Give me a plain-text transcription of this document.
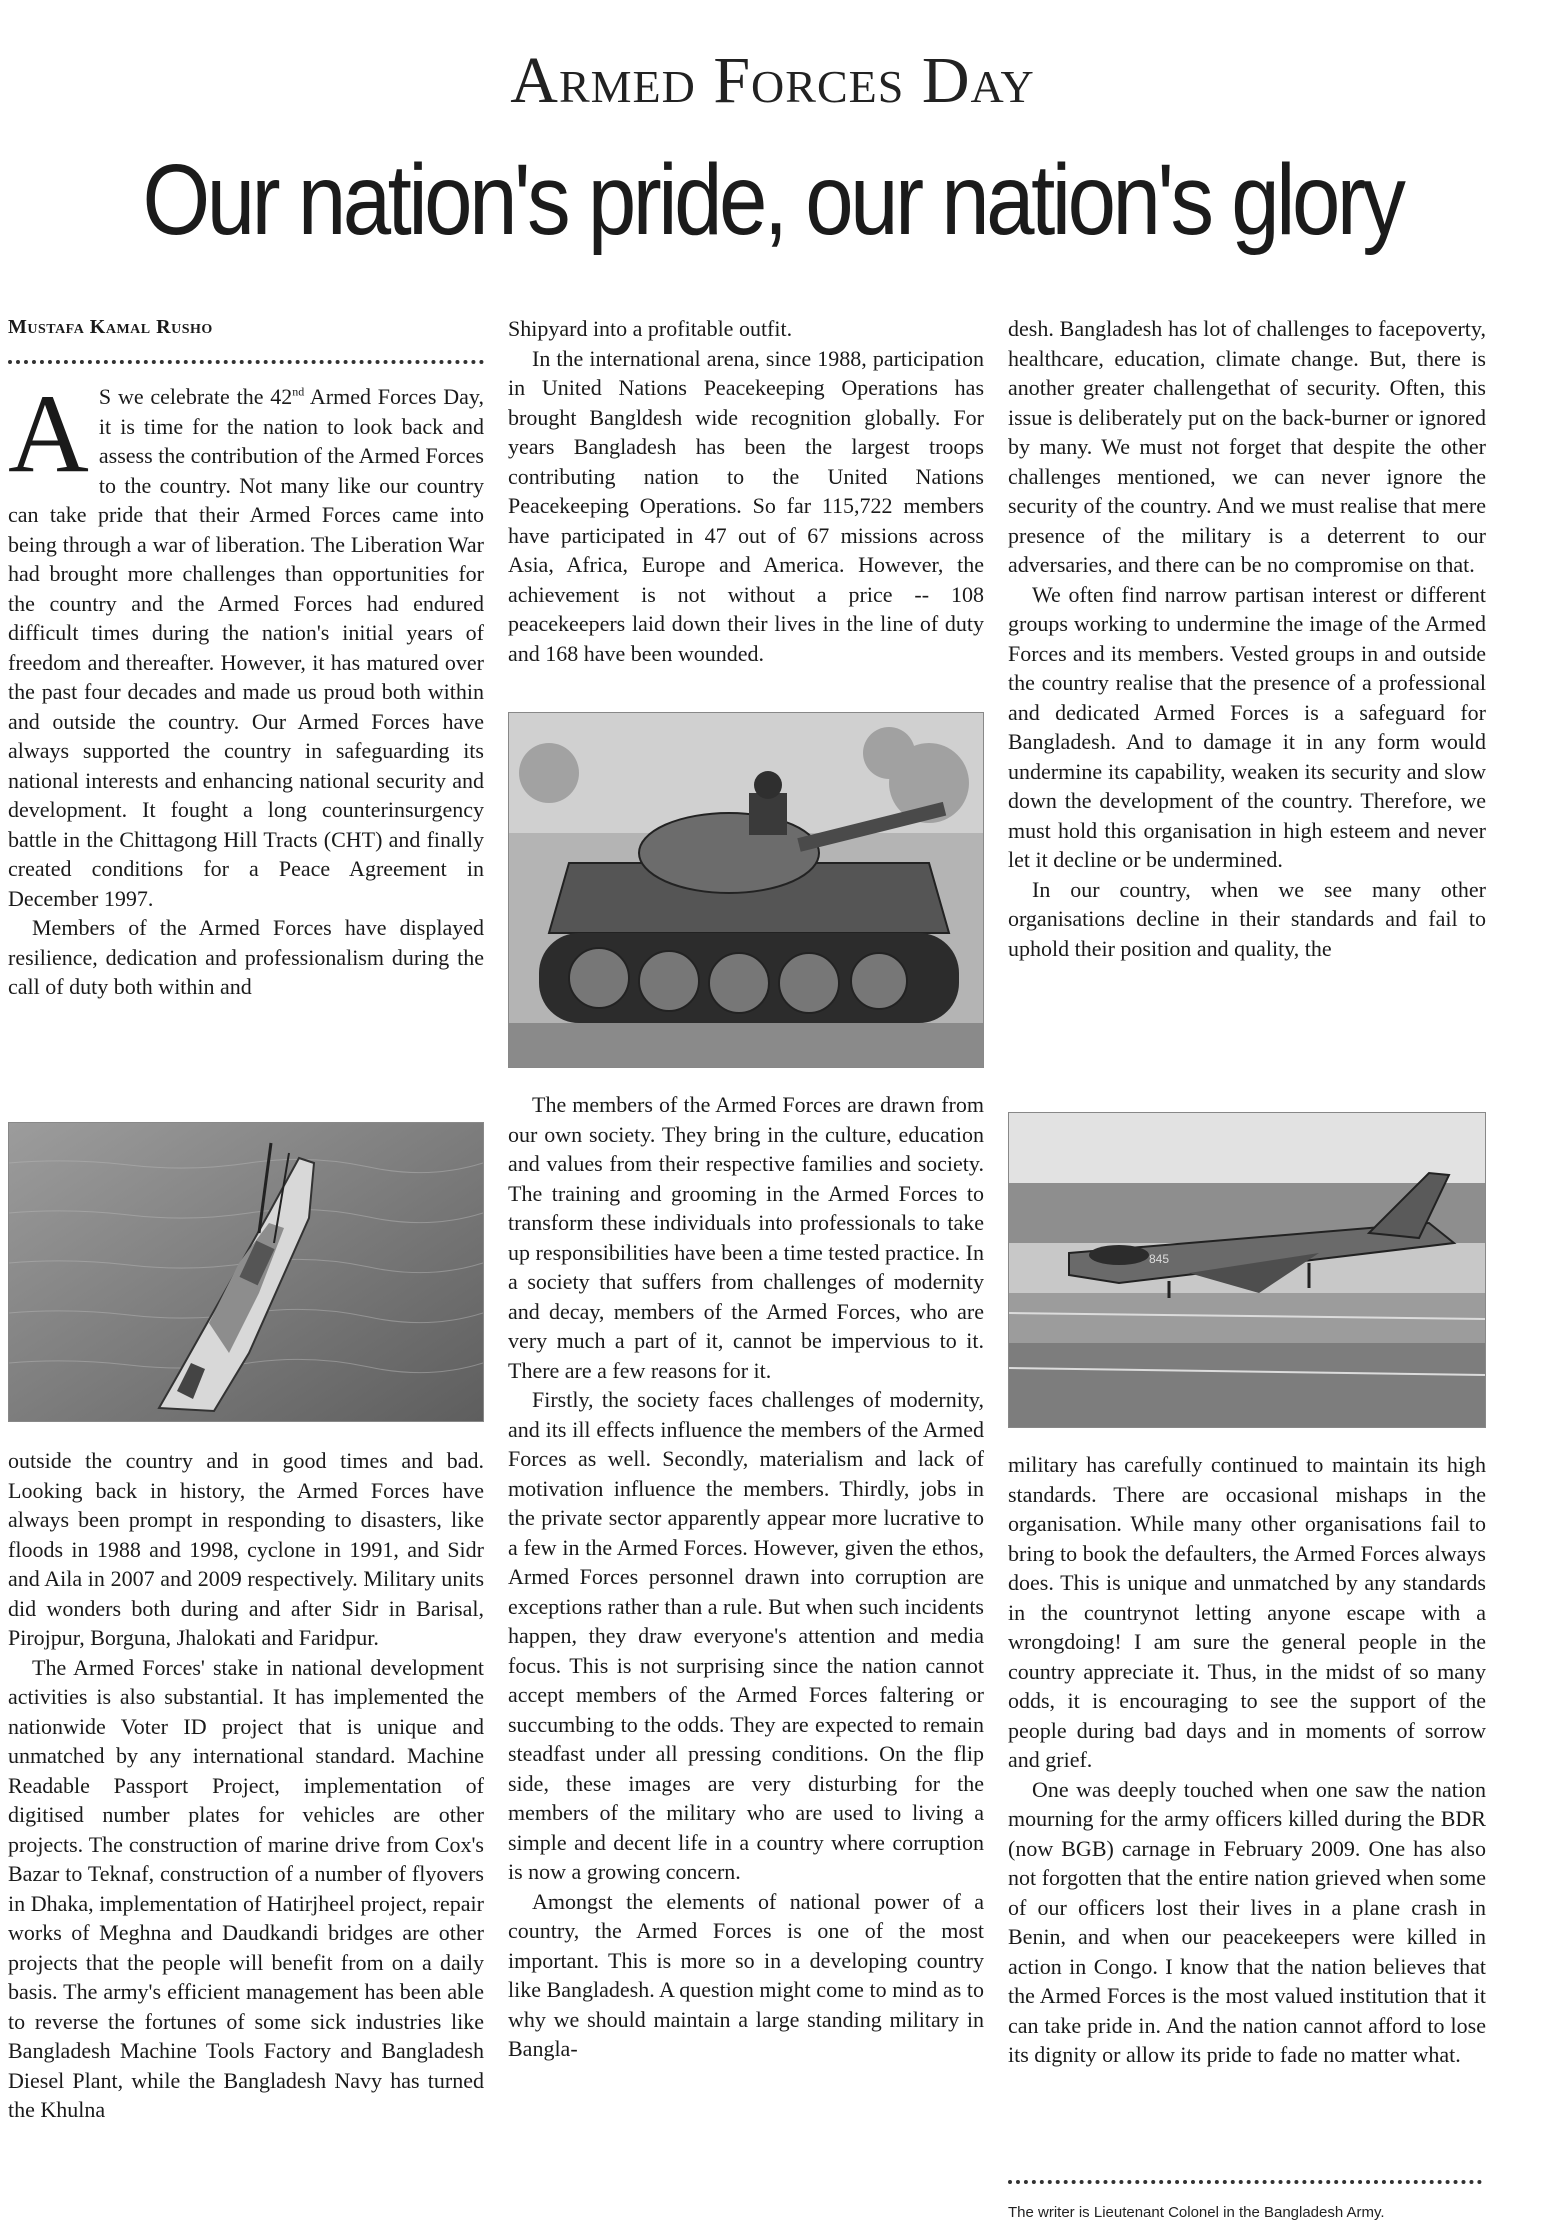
Armed Forces Day
Our nation's pride, our nation's glory
Mustafa Kamal Rusho

A S we celebrate the 42nd Armed Forces Day, it is time for the nation to look back and assess the contribution of the Armed Forces to the country. Not many like our country can take pride that their Armed Forces came into being through a war of liberation. The Liberation War had brought more challenges than opportunities for the country and the Armed Forces had endured difficult times during the nation's initial years of freedom and thereafter. However, it has matured over the past four decades and made us proud both within and outside the country. Our Armed Forces have always supported the country in safeguarding its national interests and enhancing national security and development. It fought a long counterinsurgency battle in the Chittagong Hill Tracts (CHT) and finally created conditions for a Peace Agreement in December 1997.

Members of the Armed Forces have displayed resilience, dedication and professionalism during the call of duty both within and

outside the country and in good times and bad. Looking back in history, the Armed Forces have always been prompt in responding to disasters, like floods in 1988 and 1998, cyclone in 1991, and Sidr and Aila in 2007 and 2009 respectively. Military units did wonders both during and after Sidr in Barisal, Pirojpur, Borguna, Jhalokati and Faridpur.

The Armed Forces' stake in national development activities is also substantial. It has implemented the nationwide Voter ID project that is unique and unmatched by any international standard. Machine Readable Passport Project, implementation of digitised number plates for vehicles are other projects. The construction of marine drive from Cox's Bazar to Teknaf, construction of a number of flyovers in Dhaka, implementation of Hatirjheel project, repair works of Meghna and Daudkandi bridges are other projects that the people will benefit from on a daily basis. The army's efficient management has been able to reverse the fortunes of some sick industries like Bangladesh Machine Tools Factory and Bangladesh Diesel Plant, while the Bangladesh Navy has turned the Khulna

Shipyard into a profitable outfit.

In the international arena, since 1988, participation in United Nations Peacekeeping Operations has brought Bangldesh wide recognition globally. For years Bangladesh has been the largest troops contributing nation to the United Nations Peacekeeping Operations. So far 115,722 members have participated in 47 out of 67 missions across Asia, Africa, Europe and America. However, the achievement is not without a price -- 108 peacekeepers laid down their lives in the line of duty and 168 have been wounded.

The members of the Armed Forces are drawn from our own society. They bring in the culture, education and values from their respective families and society. The training and grooming in the Armed Forces to transform these individuals into professionals to take up responsibilities have been a time tested practice. In a society that suffers from challenges of modernity and decay, members of the Armed Forces, who are very much a part of it, cannot be impervious to it. There are a few reasons for it.

Firstly, the society faces challenges of modernity, and its ill effects influence the members of the Armed Forces as well. Secondly, materialism and lack of motivation influence the members. Thirdly, jobs in the private sector apparently appear more lucrative to a few in the Armed Forces. However, given the ethos, Armed Forces personnel drawn into corruption are exceptions rather than a rule. But when such incidents happen, they draw everyone's attention and media focus. This is not surprising since the nation cannot accept members of the Armed Forces faltering or succumbing to the odds. They are expected to remain steadfast under all pressing conditions. On the flip side, these images are very disturbing for the members of the military who are used to living a simple and decent life in a country where corruption is now a growing concern.

Amongst the elements of national power of a country, the Armed Forces is one of the most important. This is more so in a developing country like Bangladesh. A question might come to mind as to why we should maintain a large standing military in Bangla-

desh. Bangladesh has lot of challenges to facepoverty, healthcare, education, climate change. But, there is another greater challengethat of security. Often, this issue is deliberately put on the back-burner or ignored by many. We must not forget that despite the other challenges mentioned, we can never ignore the security of the country. And we must realise that mere presence of the military is a deterrent to our adversaries, and there can be no compromise on that.

We often find narrow partisan interest or different groups working to undermine the image of the Armed Forces and its members. Vested groups in and outside the country realise that the presence of a professional and dedicated Armed Forces is a safeguard for Bangladesh. And to damage it in any form would undermine its capability, weaken its security and slow down the development of the country. Therefore, we must hold this organisation in high esteem and never let it decline or be undermined.

In our country, when we see many other organisations decline in their standards and fail to uphold their position and quality, the

845

military has carefully continued to maintain its high standards. There are occasional mishaps in the organisation. While many other organisations fail to bring to book the defaulters, the Armed Forces always does. This is unique and unmatched by any standards in the countrynot letting anyone escape with a wrongdoing! I am sure the general people in the country appreciate it. Thus, in the midst of so many odds, it is encouraging to see the support of the people during bad days and in moments of sorrow and grief.

One was deeply touched when one saw the nation mourning for the army officers killed during the BDR (now BGB) carnage in February 2009. One has also not forgotten that the entire nation grieved when some of our officers lost their lives in a plane crash in Benin, and when our peacekeepers were killed in action in Congo. I know that the nation believes that the Armed Forces is the most valued institution that it can take pride in. And the nation cannot afford to lose its dignity or allow its pride to fade no matter what.

The writer is Lieutenant Colonel in the Bangladesh Army.
